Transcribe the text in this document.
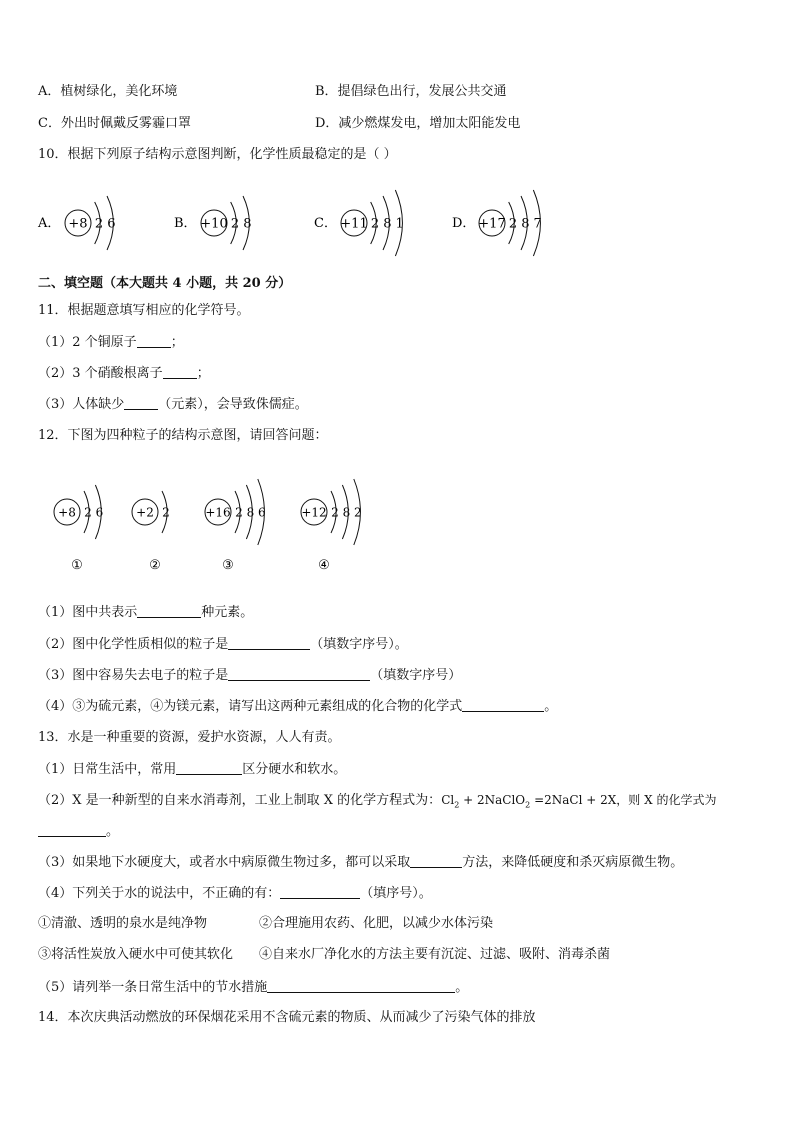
A．植树绿化，美化环境	B．提倡绿色出行，发展公共交通
C．外出时佩戴反雾霾口罩	D．减少燃煤发电，增加太阳能发电
10．根据下列原子结构示意图判断，化学性质最稳定的是（ ）
A． +8 2 6	B． +10 2 8	C． +11 2 8 1	D． +17 2 8 7
二、填空题（本大题共 4 小题，共 20 分）
11．根据题意填写相应的化学符号。
（1）2 个铜原子	；
（2）3 个硝酸根离子	；
（3）人体缺少	（元素），会导致侏儒症。
12．下图为四种粒子的结构示意图，请回答问题：
+8 2 6
①
+2 2
②
+16 2 8 6
③
+12 2 8 2
④
（1）图中共表示	种元素。
（2）图中化学性质相似的粒子是	（填数字序号）。
（3）图中容易失去电子的粒子是	（填数字序号）
（4）③为硫元素，④为镁元素，请写出这两种元素组成的化合物的化学式	。
13．水是一种重要的资源，爱护水资源，人人有责。
（1）日常生活中，常用	区分硬水和软水。
（2）X 是一种新型的自来水消毒剂，工业上制取 X 的化学方程式为：$Cl_2$ + 2NaClO$_2$ =2NaCl + 2X，则 X 的化学式为
。
（3）如果地下水硬度大，或者水中病原微生物过多，都可以采取	方法，来降低硬度和杀灭病原微生物。
（4）下列关于水的说法中，不正确的有：	（填序号）。
①清澈、透明的泉水是纯净物	②合理施用农药、化肥，以减少水体污染
③将活性炭放入硬水中可使其软化 ④自来水厂净化水的方法主要有沉淀、过滤、吸附、消毒杀菌
（5）请列举一条日常生活中的节水措施	。
14．本次庆典活动燃放的环保烟花采用不含硫元素的物质、从而减少了污染气体的排放
